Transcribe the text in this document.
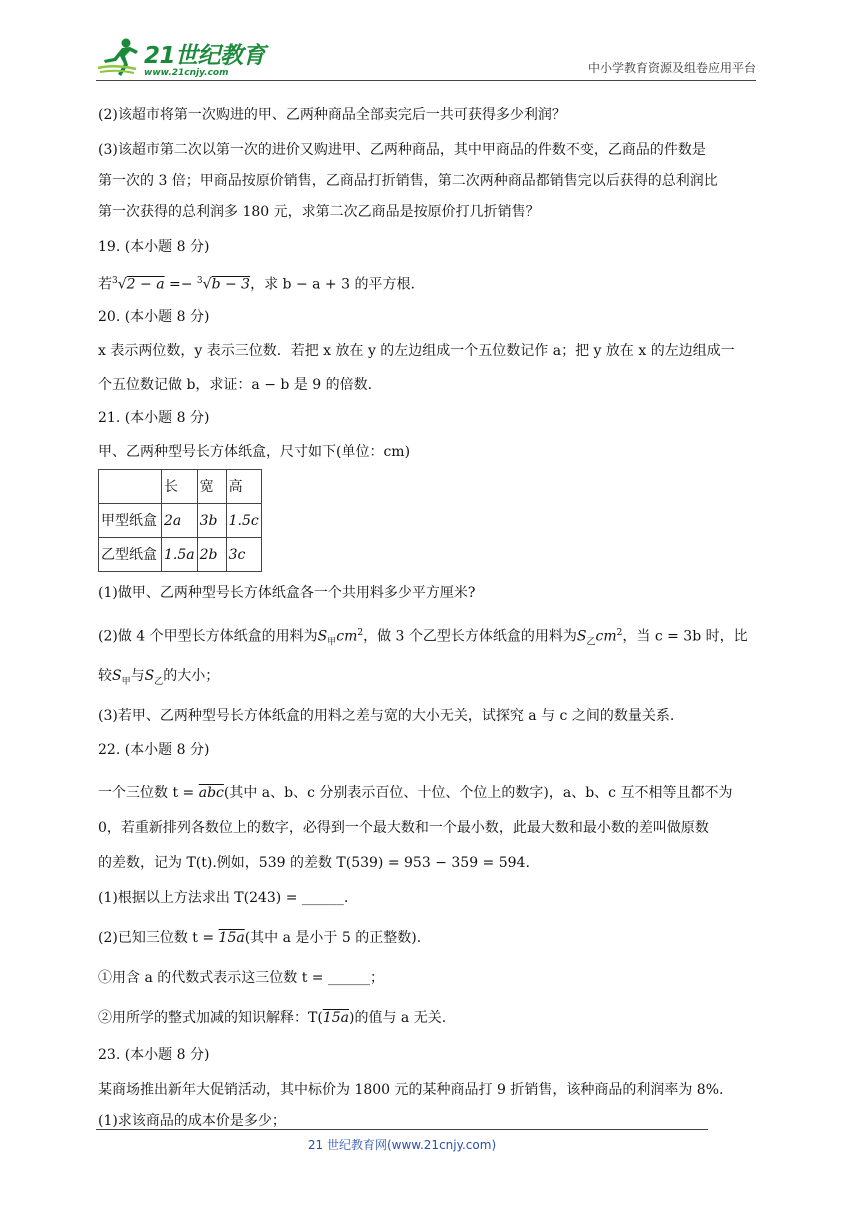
21世纪教育
www.21cnjy.com	中小学教育资源及组卷应用平台
(2)该超市将第一次购进的甲、乙两种商品全部卖完后一共可获得多少利润？
(3)该超市第二次以第一次的进价又购进甲、乙两种商品，其中甲商品的件数不变，乙商品的件数是
第一次的 3 倍；甲商品按原价销售，乙商品打折销售，第二次两种商品都销售完以后获得的总利润比
第一次获得的总利润多 180 元，求第二次乙商品是按原价打几折销售？
19. (本小题 8 分)
若$^3$√2 − a =− $^3$√b − 3，求 b − a + 3 的平方根.
20. (本小题 8 分)
x 表示两位数，y 表示三位数．若把 x 放在 y 的左边组成一个五位数记作 a；把 y 放在 x 的左边组成一
个五位数记做 b，求证：a − b 是 9 的倍数.
21. (本小题 8 分)
甲、乙两种型号长方体纸盒，尺寸如下(单位：cm)
	长	宽	高
甲型纸盒	2a	3b	1.5c
乙型纸盒	1.5a	2b	3c
(1)做甲、乙两种型号长方体纸盒各一个共用料多少平方厘米?
(2)做 4 个甲型长方体纸盒的用料为$S_甲cm^2$，做 3 个乙型长方体纸盒的用料为$S_乙cm^2$，当 c = 3b 时，比
较$S_甲$与$S_乙$的大小；
(3)若甲、乙两种型号长方体纸盒的用料之差与宽的大小无关，试探究 a 与 c 之间的数量关系.
22. (本小题 8 分)
一个三位数 $t = \overline{abc}$(其中 a、b、c 分别表示百位、十位、个位上的数字)，a、b、c 互不相等且都不为
0，若重新排列各数位上的数字，必得到一个最大数和一个最小数，此最大数和最小数的差叫做原数
的差数，记为 T(t).例如，539 的差数 T(539) = 953 − 359 = 594.
(1)根据以上方法求出 T(243) = ______.
(2)已知三位数 t = 15a(其中 a 是小于 5 的正整数).
①用含 a 的代数式表示这三位数 t = ______；
②用所学的整式加减的知识解释：T(15a)的值与 a 无关.
23. (本小题 8 分)
某商场推出新年大促销活动，其中标价为 1800 元的某种商品打 9 折销售，该种商品的利润率为 8%.
(1)求该商品的成本价是多少；
21 世纪教育网(www.21cnjy.com)
